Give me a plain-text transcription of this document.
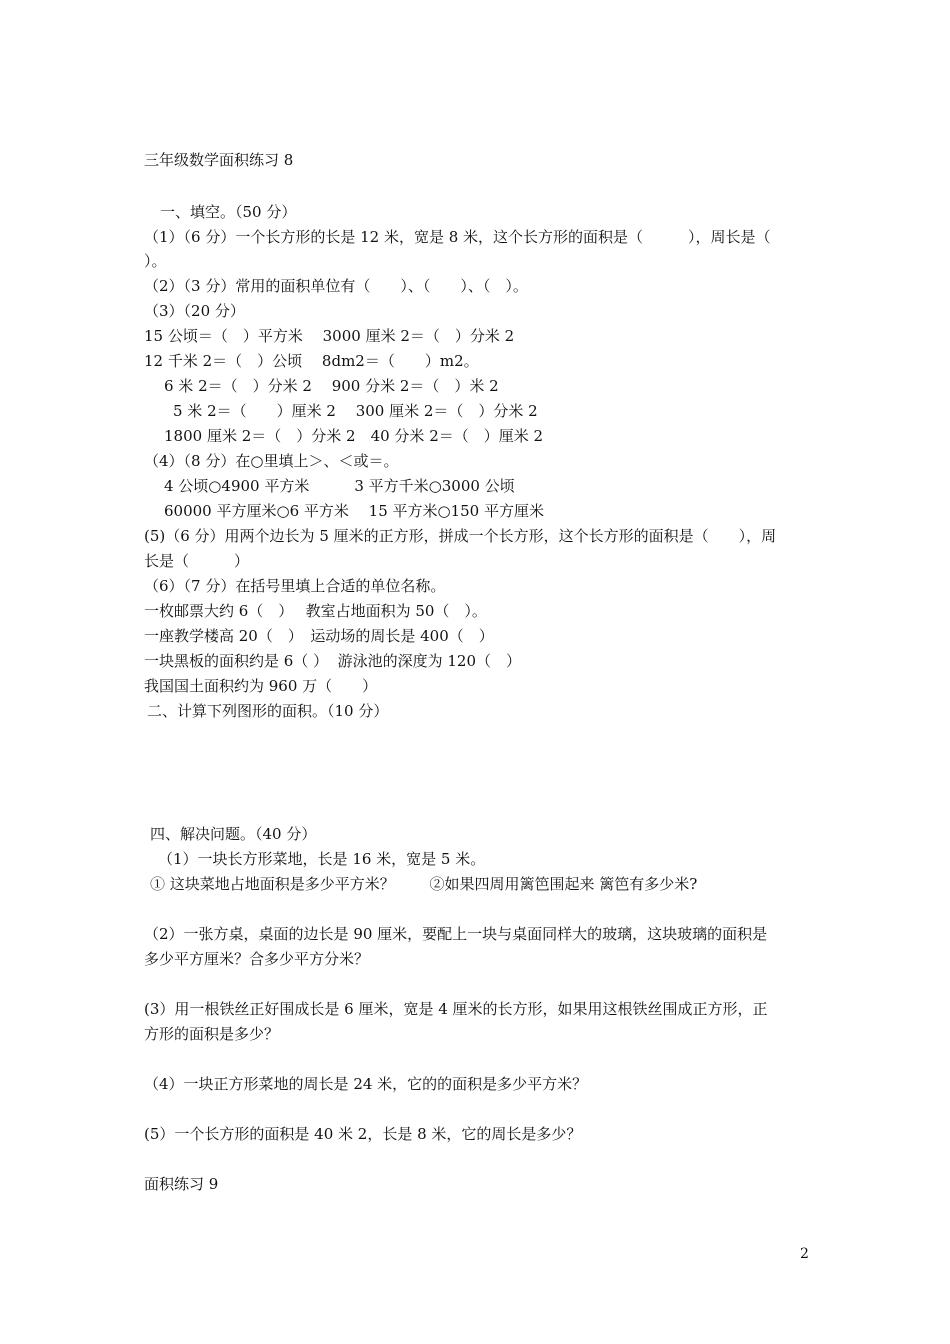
三年级数学面积练习 8
一、填空。（50 分）
（1）（6 分）一个长方形的长是 12 米，宽是 8 米，这个长方形的面积是（　　　），周长是（
）。
（2）（3 分）常用的面积单位有（　　）、（　　）、（　）。
（3）（20 分）
15 公顷＝（　）平方米　 3000 厘米 2＝（　）分米 2
12 千米 2＝（　）公顷　 8dm2＝（　　）m2。
6 米 2＝（　）分米 2　 900 分米 2＝（　）米 2
5 米 2＝（　　）厘米 2　 300 厘米 2＝（　）分米 2
1800 厘米 2＝（　）分米 2　40 分米 2＝（　）厘米 2
（4）（8 分）在○里填上＞、＜或＝。
4 公顷○4900 平方米　　　3 平方千米○3000 公顷
60000 平方厘米○6 平方米　 15 平方米○150 平方厘米
(5)（6 分）用两个边长为 5 厘米的正方形，拼成一个长方形，这个长方形的面积是（　　），周
长是（　　　）
（6）（7 分）在括号里填上合适的单位名称。
一枚邮票大约 6（　）　 教室占地面积为 50（　）。
一座教学楼高 20（　）　运动场的周长是 400（　）
一块黑板的面积约是 6（ ）  游泳池的深度为 120（　）
我国国土面积约为 960 万（　　）
二、计算下列图形的面积。（10 分）
四、解决问题。（40 分）
（1）一块长方形菜地，长是 16 米，宽是 5 米。
① 这块菜地占地面积是多少平方米？　　 ②如果四周用篱笆围起来 篱笆有多少米?
（2）一张方桌，桌面的边长是 90 厘米，要配上一块与桌面同样大的玻璃，这块玻璃的面积是
多少平方厘米？合多少平方分米？
(3）用一根铁丝正好围成长是 6 厘米，宽是 4 厘米的长方形，如果用这根铁丝围成正方形，正
方形的面积是多少？
（4）一块正方形菜地的周长是 24 米，它的的面积是多少平方米？
(5）一个长方形的面积是 40 米 2，长是 8 米，它的周长是多少？
面积练习 9
2
